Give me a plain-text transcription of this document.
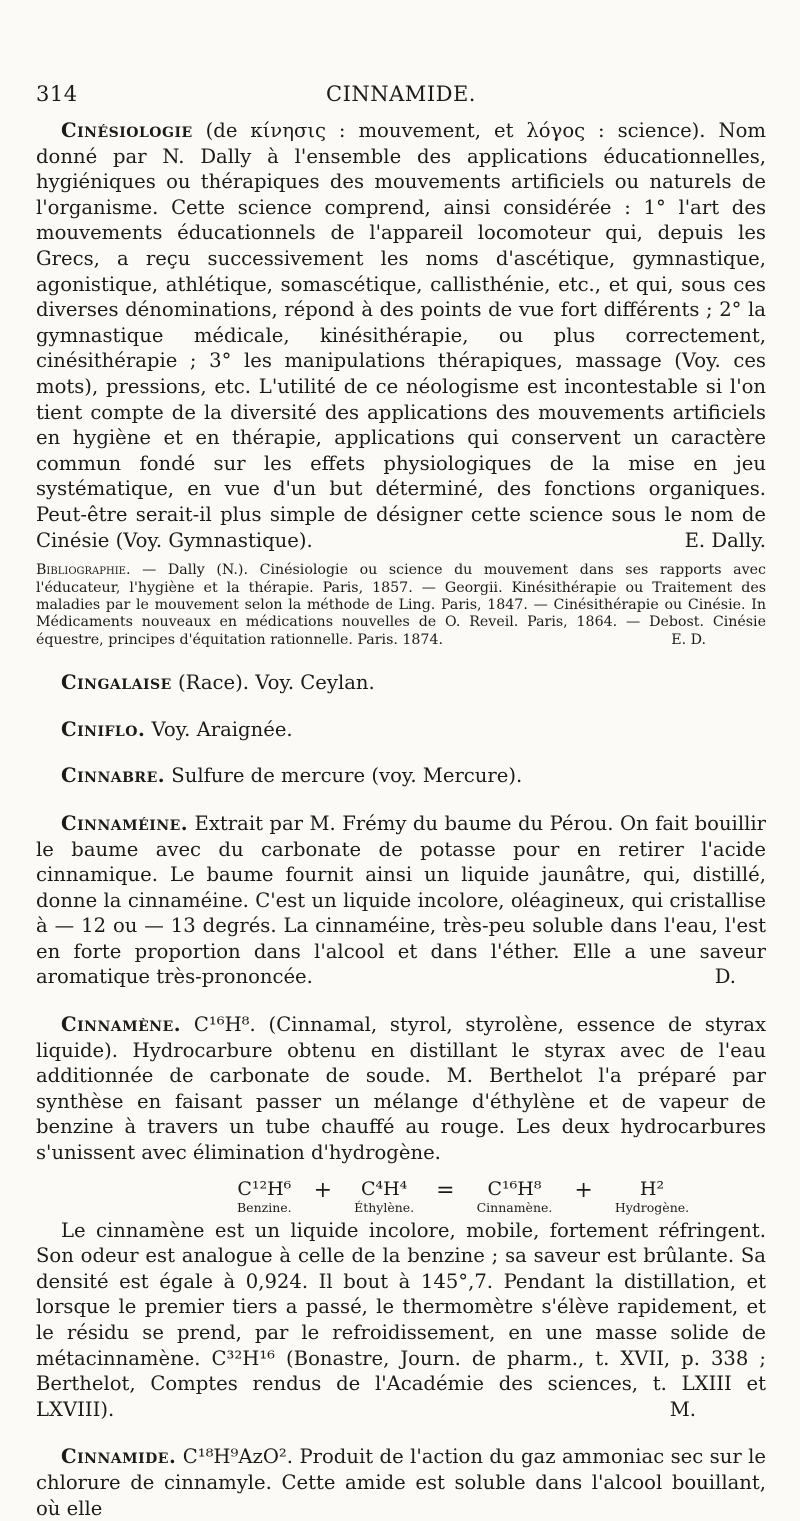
314	CINNAMIDE.

Cinésiologie (de κίνησις : mouvement, et λόγος : science). Nom donné par N. Dally à l'ensemble des applications éducationnelles, hygiéniques ou thérapiques des mouvements artificiels ou naturels de l'organisme. Cette science comprend, ainsi considérée : 1° l'art des mouvements éducationnels de l'appareil locomoteur qui, depuis les Grecs, a reçu successivement les noms d'ascétique, gymnastique, agonistique, athlétique, somascétique, callisthénie, etc., et qui, sous ces diverses dénominations, répond à des points de vue fort différents ; 2° la gymnastique médicale, kinésithérapie, ou plus correctement, cinésithérapie ; 3° les manipulations thérapiques, massage (Voy. ces mots), pressions, etc. L'utilité de ce néologisme est incontestable si l'on tient compte de la diversité des applications des mouvements artificiels en hygiène et en thérapie, applications qui conservent un caractère commun fondé sur les effets physiologiques de la mise en jeu systématique, en vue d'un but déterminé, des fonctions organiques. Peut-être serait-il plus simple de désigner cette science sous le nom de Cinésie (Voy. Gymnastique).	E. Dally.

Bibliographie. — Dally (N.). Cinésiologie ou science du mouvement dans ses rapports avec l'éducateur, l'hygiène et la thérapie. Paris, 1857. — Georgii. Kinésithérapie ou Traitement des maladies par le mouvement selon la méthode de Ling. Paris, 1847. — Cinésithérapie ou Cinésie. In Médicaments nouveaux en médications nouvelles de O. Reveil. Paris, 1864. — Debost. Cinésie équestre, principes d'équitation rationnelle. Paris. 1874.	E. D.

Cingalaise (Race). Voy. Ceylan.

Ciniflo. Voy. Araignée.

Cinnabre. Sulfure de mercure (voy. Mercure).

Cinnaméine. Extrait par M. Frémy du baume du Pérou. On fait bouillir le baume avec du carbonate de potasse pour en retirer l'acide cinnamique. Le baume fournit ainsi un liquide jaunâtre, qui, distillé, donne la cinnaméine. C'est un liquide incolore, oléagineux, qui cristallise à — 12 ou — 13 degrés. La cinnaméine, très-peu soluble dans l'eau, l'est en forte proportion dans l'alcool et dans l'éther. Elle a une saveur aromatique très-prononcée.	D.

Cinnamène. C¹⁶H⁸. (Cinnamal, styrol, styrolène, essence de styrax liquide). Hydrocarbure obtenu en distillant le styrax avec de l'eau additionnée de carbonate de soude. M. Berthelot l'a préparé par synthèse en faisant passer un mélange d'éthylène et de vapeur de benzine à travers un tube chauffé au rouge. Les deux hydrocarbures s'unissent avec élimination d'hydrogène.

C¹²H⁶
Benzine.

+	C⁴H⁴
Éthylène.

=	C¹⁶H⁸
Cinnamène.

+	H²
Hydrogène.

Le cinnamène est un liquide incolore, mobile, fortement réfringent. Son odeur est analogue à celle de la benzine ; sa saveur est brûlante. Sa densité est égale à 0,924. Il bout à 145°,7. Pendant la distillation, et lorsque le premier tiers a passé, le thermomètre s'élève rapidement, et le résidu se prend, par le refroidissement, en une masse solide de métacinnamène. C³²H¹⁶ (Bonastre, Journ. de pharm., t. XVII, p. 338 ; Berthelot, Comptes rendus de l'Académie des sciences, t. LXIII et LXVIII).	M.

Cinnamide. C¹⁸H⁹AzO². Produit de l'action du gaz ammoniac sec sur le chlorure de cinnamyle. Cette amide est soluble dans l'alcool bouillant, où elle
